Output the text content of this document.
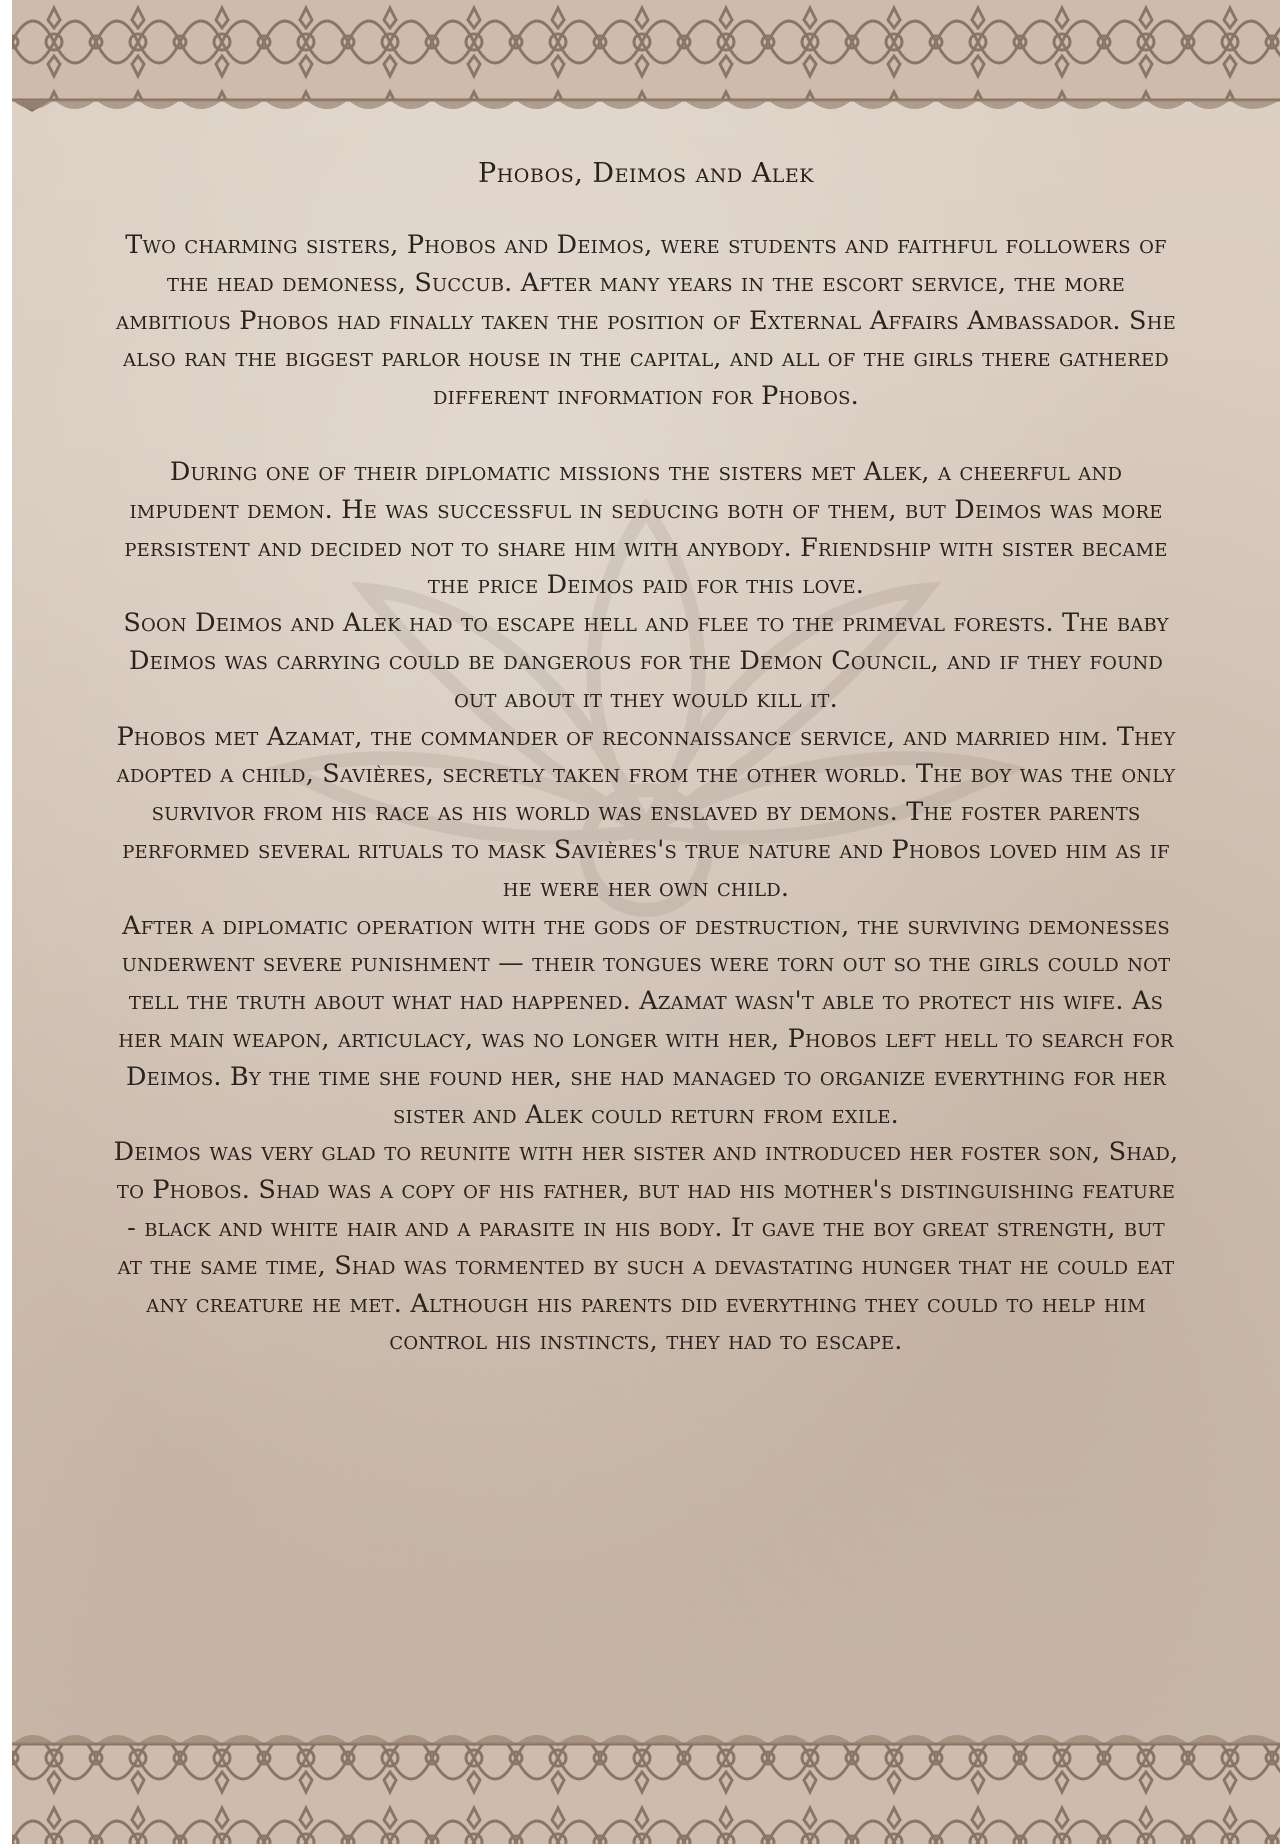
Phobos, Deimos and Alek

Two charming sisters, Phobos and Deimos, were students and faithful followers of the head demoness, Succub. After many years in the escort service, the more ambitious Phobos had finally taken the position of External Affairs Ambassador. She also ran the biggest parlor house in the capital, and all of the girls there gathered different information for Phobos.

During one of their diplomatic missions the sisters met Alek, a cheerful and impudent demon. He was successful in seducing both of them, but Deimos was more persistent and decided not to share him with anybody. Friendship with sister became the price Deimos paid for this love.

Soon Deimos and Alek had to escape hell and flee to the primeval forests. The baby Deimos was carrying could be dangerous for the Demon Council, and if they found out about it they would kill it.

Phobos met Azamat, the commander of reconnaissance service, and married him. They adopted a child, Savières, secretly taken from the other world. The boy was the only survivor from his race as his world was enslaved by demons. The foster parents performed several rituals to mask Savières's true nature and Phobos loved him as if he were her own child.

After a diplomatic operation with the gods of destruction, the surviving demonesses underwent severe punishment — their tongues were torn out so the girls could not tell the truth about what had happened. Azamat wasn't able to protect his wife. As her main weapon, articulacy, was no longer with her, Phobos left hell to search for Deimos. By the time she found her, she had managed to organize everything for her sister and Alek could return from exile.

Deimos was very glad to reunite with her sister and introduced her foster son, Shad, to Phobos. Shad was a copy of his father, but had his mother's distinguishing feature - black and white hair and a parasite in his body. It gave the boy great strength, but at the same time, Shad was tormented by such a devastating hunger that he could eat any creature he met. Although his parents did everything they could to help him control his instincts, they had to escape.
